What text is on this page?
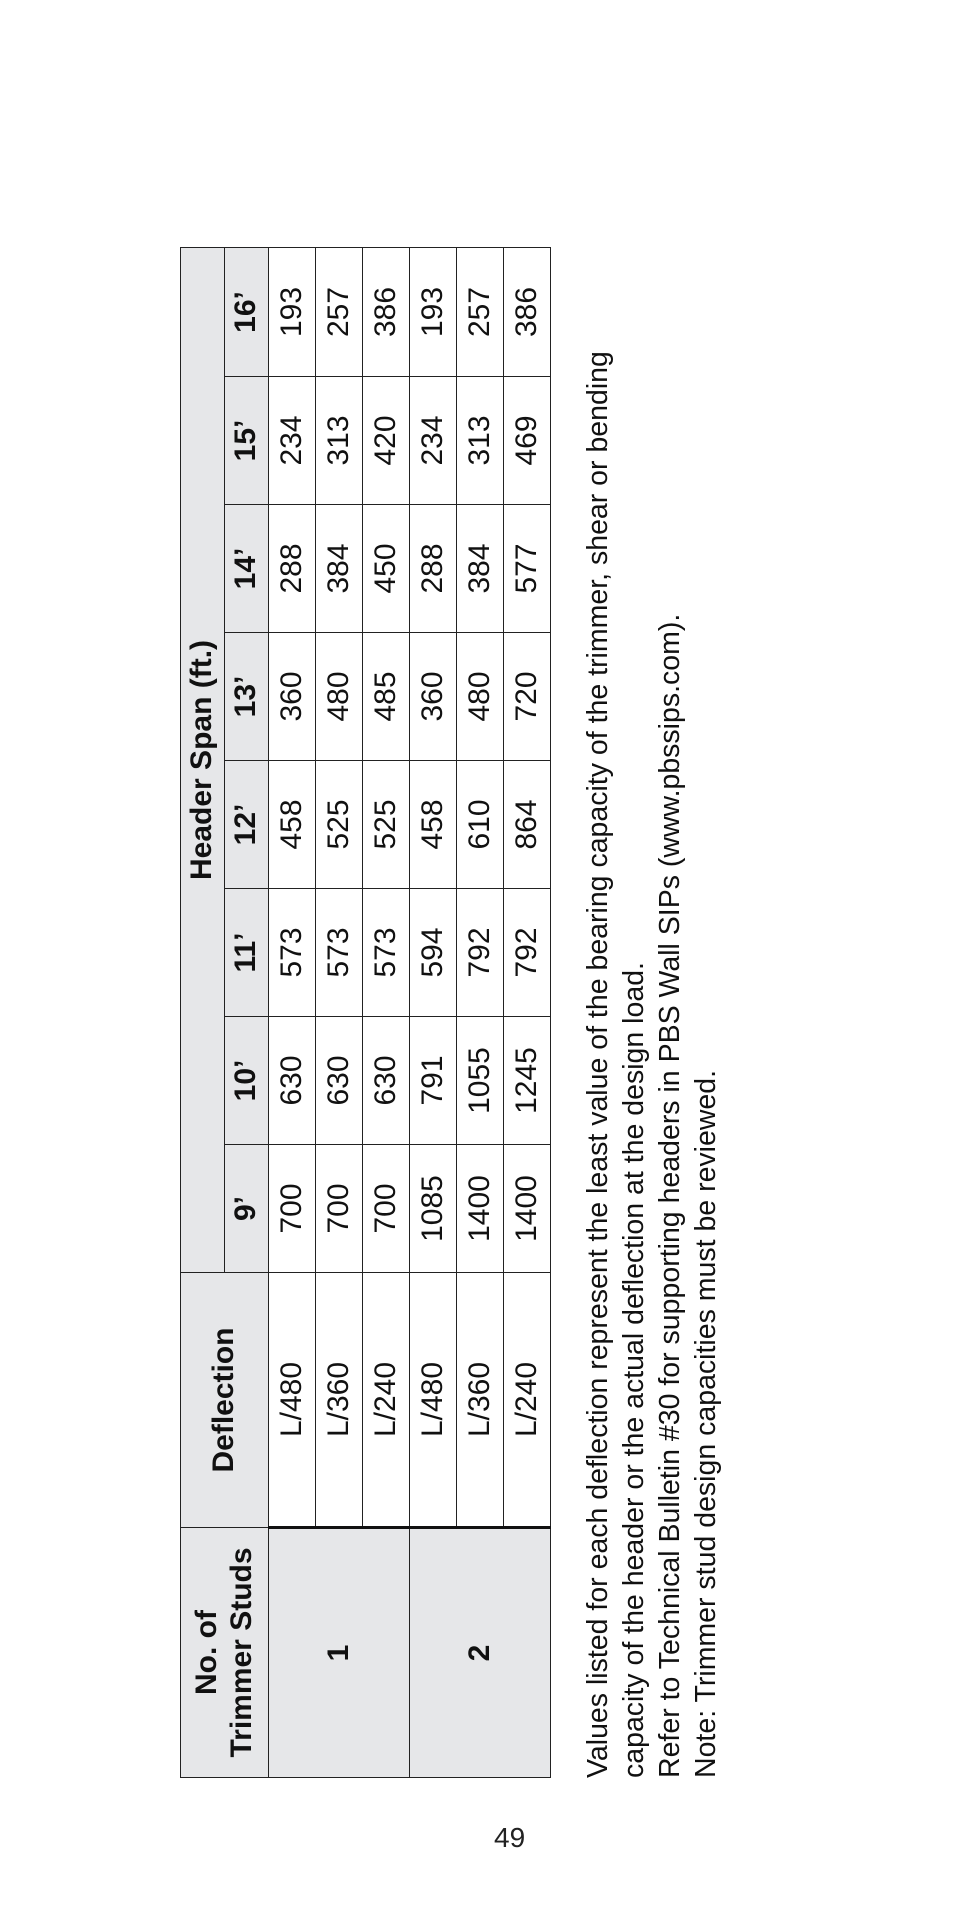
No. of
Trimmer Studs	Deflection	Header Span (ft.)							
		9’	10’	11’	12’	13’	14’	15’	16’
1	L/480	700	630	573	458	360	288	234	193
	L/360	700	630	573	525	480	384	313	257
	L/240	700	630	573	525	485	450	420	386
2	L/480	1085	791	594	458	360	288	234	193
	L/360	1400	1055	792	610	480	384	313	257
	L/240	1400	1245	792	864	720	577	469	386

Values listed for each deflection represent the least value of the bearing capacity of the trimmer, shear or bending capacity of the header or the actual deflection at the design load. Refer to Technical Bulletin #30 for supporting headers in PBS Wall SIPs (www.pbssips.com). Note: Trimmer stud design capacities must be reviewed.

49
